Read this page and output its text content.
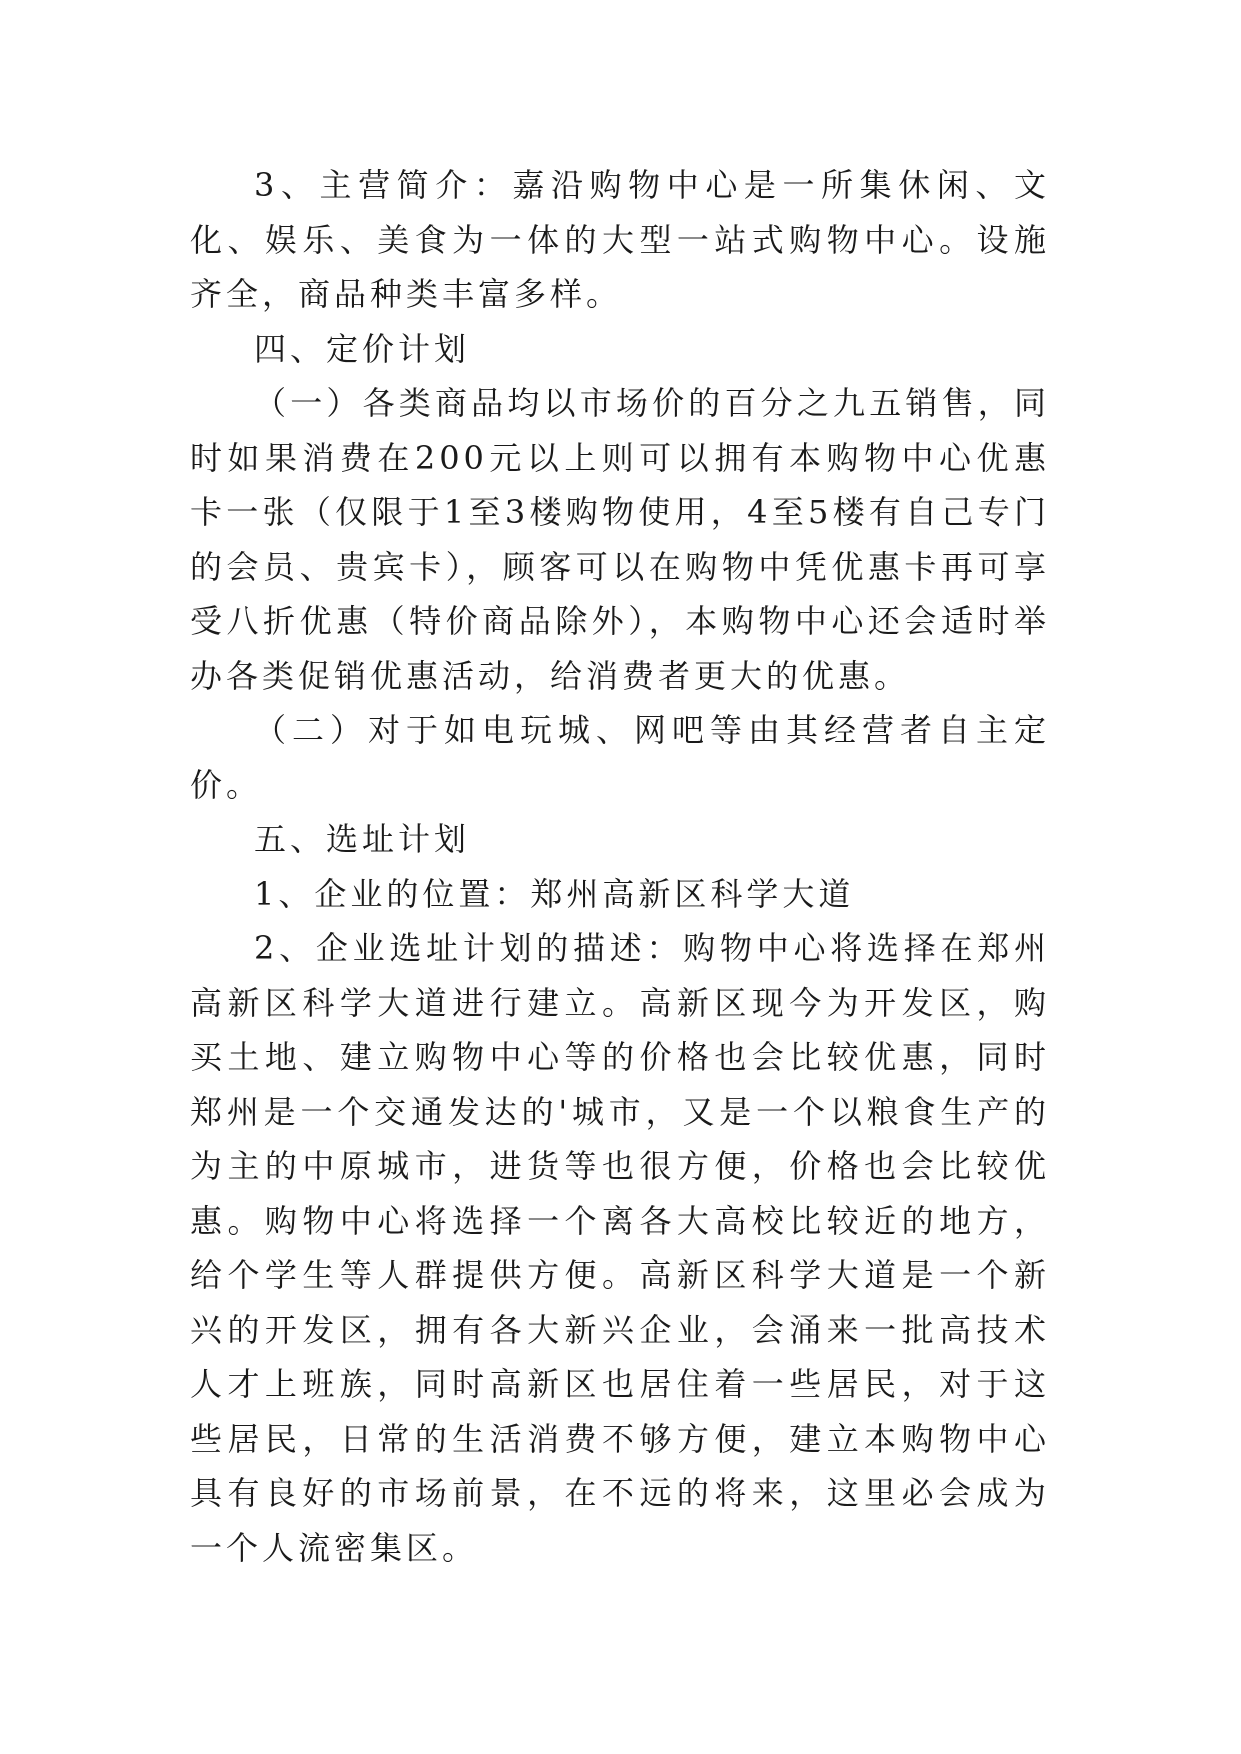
3、主营简介：嘉沿购物中心是一所集休闲、文化、娱乐、美食为一体的大型一站式购物中心。设施齐全，商品种类丰富多样。

四、定价计划

（一）各类商品均以市场价的百分之九五销售，同时如果消费在200元以上则可以拥有本购物中心优惠卡一张（仅限于1至3楼购物使用，4至5楼有自己专门的会员、贵宾卡），顾客可以在购物中凭优惠卡再可享受八折优惠（特价商品除外），本购物中心还会适时举办各类促销优惠活动，给消费者更大的优惠。

（二）对于如电玩城、网吧等由其经营者自主定价。

五、选址计划

1、企业的位置：郑州高新区科学大道

2、企业选址计划的描述：购物中心将选择在郑州高新区科学大道进行建立。高新区现今为开发区，购买土地、建立购物中心等的价格也会比较优惠，同时郑州是一个交通发达的'城市，又是一个以粮食生产的为主的中原城市，进货等也很方便，价格也会比较优惠。购物中心将选择一个离各大高校比较近的地方，给个学生等人群提供方便。高新区科学大道是一个新兴的开发区，拥有各大新兴企业，会涌来一批高技术人才上班族，同时高新区也居住着一些居民，对于这些居民，日常的生活消费不够方便，建立本购物中心具有良好的市场前景，在不远的将来，这里必会成为一个人流密集区。
